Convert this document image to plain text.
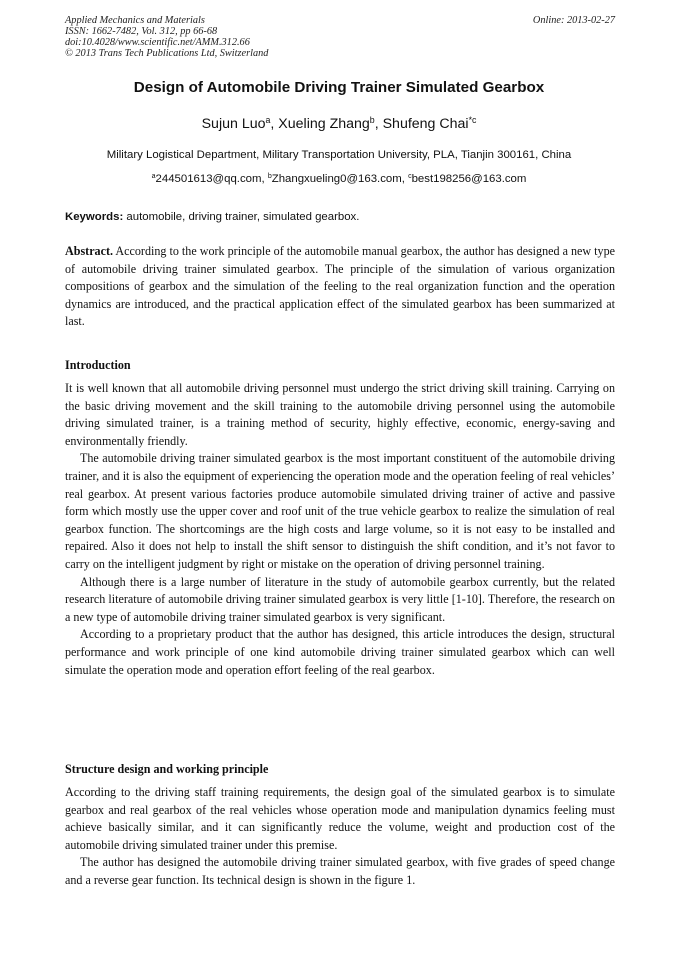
Applied Mechanics and Materials
ISSN: 1662-7482, Vol. 312, pp 66-68
doi:10.4028/www.scientific.net/AMM.312.66
© 2013 Trans Tech Publications Ltd, Switzerland
Online: 2013-02-27
Design of Automobile Driving Trainer Simulated Gearbox
Sujun Luo$^a$, Xueling Zhang$^b$, Shufeng Chai$^{*c}$
Military Logistical Department, Military Transportation University, PLA, Tianjin 300161, China
$^a$244501613@qq.com, $^b$Zhangxueling0@163.com, $^c$best198256@163.com
Keywords: automobile, driving trainer, simulated gearbox.
Abstract. According to the work principle of the automobile manual gearbox, the author has designed a new type of automobile driving trainer simulated gearbox. The principle of the simulation of various organization compositions of gearbox and the simulation of the feeling to the real organization function and the operation dynamics are introduced, and the practical application effect of the simulated gearbox has been summarized at last.
Introduction

It is well known that all automobile driving personnel must undergo the strict driving skill training. Carrying on the basic driving movement and the skill training to the automobile driving personnel using the automobile driving simulated trainer, is a training method of security, highly effective, economic, energy-saving and environmentally friendly.

The automobile driving trainer simulated gearbox is the most important constituent of the automobile driving trainer, and it is also the equipment of experiencing the operation mode and the operation feeling of real vehicles’ real gearbox. At present various factories produce automobile simulated driving trainer of active and passive form which mostly use the upper cover and roof unit of the true vehicle gearbox to realize the simulation of real gearbox function. The shortcomings are the high costs and large volume, so it is not easy to be installed and repaired. Also it does not help to install the shift sensor to distinguish the shift condition, and it’s not favor to carry on the intelligent judgment by right or mistake on the operation of driving personnel training.

Although there is a large number of literature in the study of automobile gearbox currently, but the related research literature of automobile driving trainer simulated gearbox is very little [1-10]. Therefore, the research on a new type of automobile driving trainer simulated gearbox is very significant.

According to a proprietary product that the author has designed, this article introduces the design, structural performance and work principle of one kind automobile driving trainer simulated gearbox which can well simulate the operation mode and operation effort feeling of the real gearbox.

Structure design and working principle

According to the driving staff training requirements, the design goal of the simulated gearbox is to simulate gearbox and real gearbox of the real vehicles whose operation mode and manipulation dynamics feeling must achieve basically similar, and it can significantly reduce the volume, weight and production cost of the automobile driving simulated trainer under this premise.

The author has designed the automobile driving trainer simulated gearbox, with five grades of speed change and a reverse gear function. Its technical design is shown in the figure 1.
